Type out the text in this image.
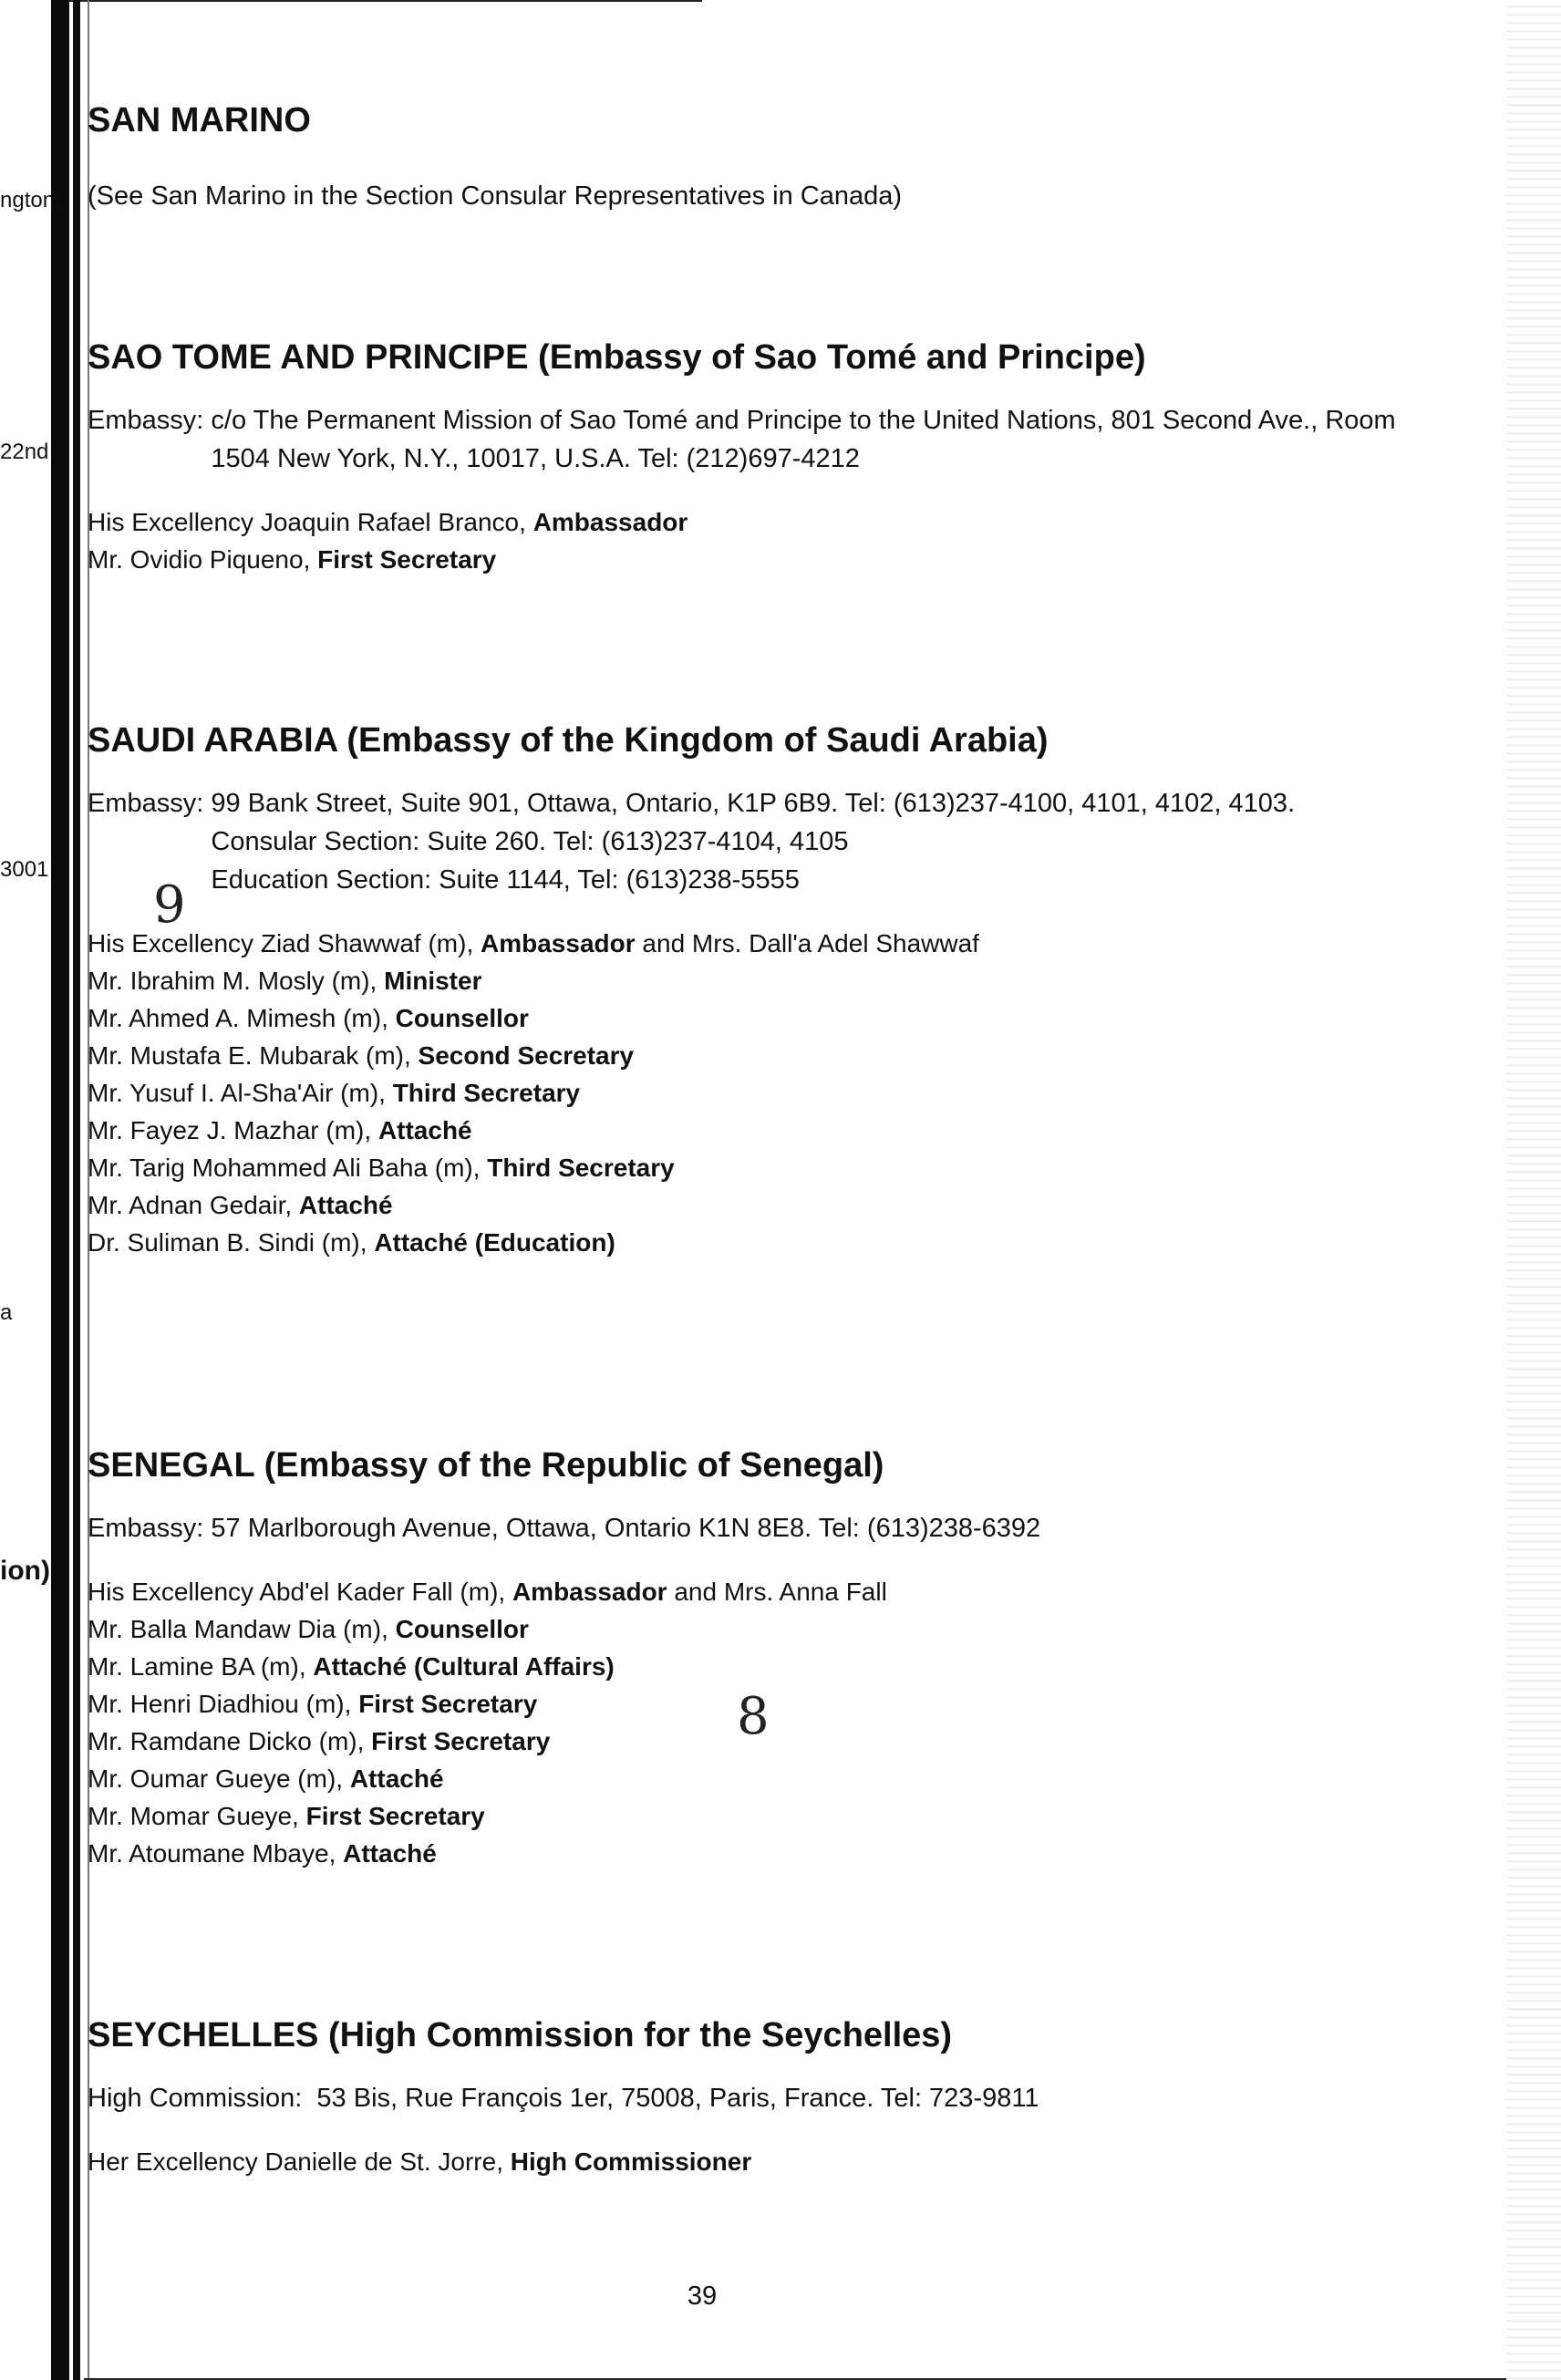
ngton.
22nd
3001
a
ion)
SAN MARINO

(See San Marino in the Section Consular Representatives in Canada)

SAO TOME AND PRINCIPE (Embassy of Sao Tomé and Principe)
Embassy:
c/o The Permanent Mission of Sao Tomé and Principe to the United Nations, 801 Second Ave., Room 1504 New York, N.Y., 10017, U.S.A. Tel: (212)697-4212

His Excellency Joaquin Rafael Branco, Ambassador

Mr. Ovidio Piqueno, First Secretary

SAUDI ARABIA (Embassy of the Kingdom of Saudi Arabia)
Embassy:
99 Bank Street, Suite 901, Ottawa, Ontario, K1P 6B9. Tel: (613)237-4100, 4101, 4102, 4103.
Consular Section: Suite 260. Tel: (613)237-4104, 4105
Education Section: Suite 1144, Tel: (613)238-5555

His Excellency Ziad Shawwaf (m), Ambassador and Mrs. Dall'a Adel Shawwaf

Mr. Ibrahim M. Mosly (m), Minister

Mr. Ahmed A. Mimesh (m), Counsellor

Mr. Mustafa E. Mubarak (m), Second Secretary

Mr. Yusuf I. Al-Sha'Air (m), Third Secretary

Mr. Fayez J. Mazhar (m), Attaché

Mr. Tarig Mohammed Ali Baha (m), Third Secretary

Mr. Adnan Gedair, Attaché

Dr. Suliman B. Sindi (m), Attaché (Education)

SENEGAL (Embassy of the Republic of Senegal)
Embassy:
57 Marlborough Avenue, Ottawa, Ontario K1N 8E8. Tel: (613)238-6392

His Excellency Abd'el Kader Fall (m), Ambassador and Mrs. Anna Fall

Mr. Balla Mandaw Dia (m), Counsellor

Mr. Lamine BA (m), Attaché (Cultural Affairs)

Mr. Henri Diadhiou (m), First Secretary

Mr. Ramdane Dicko (m), First Secretary

Mr. Oumar Gueye (m), Attaché

Mr. Momar Gueye, First Secretary

Mr. Atoumane Mbaye, Attaché

SEYCHELLES (High Commission for the Seychelles)
High Commission:
53 Bis, Rue François 1er, 75008, Paris, France. Tel: 723-9811

Her Excellency Danielle de St. Jorre, High Commissioner

9
8
39
